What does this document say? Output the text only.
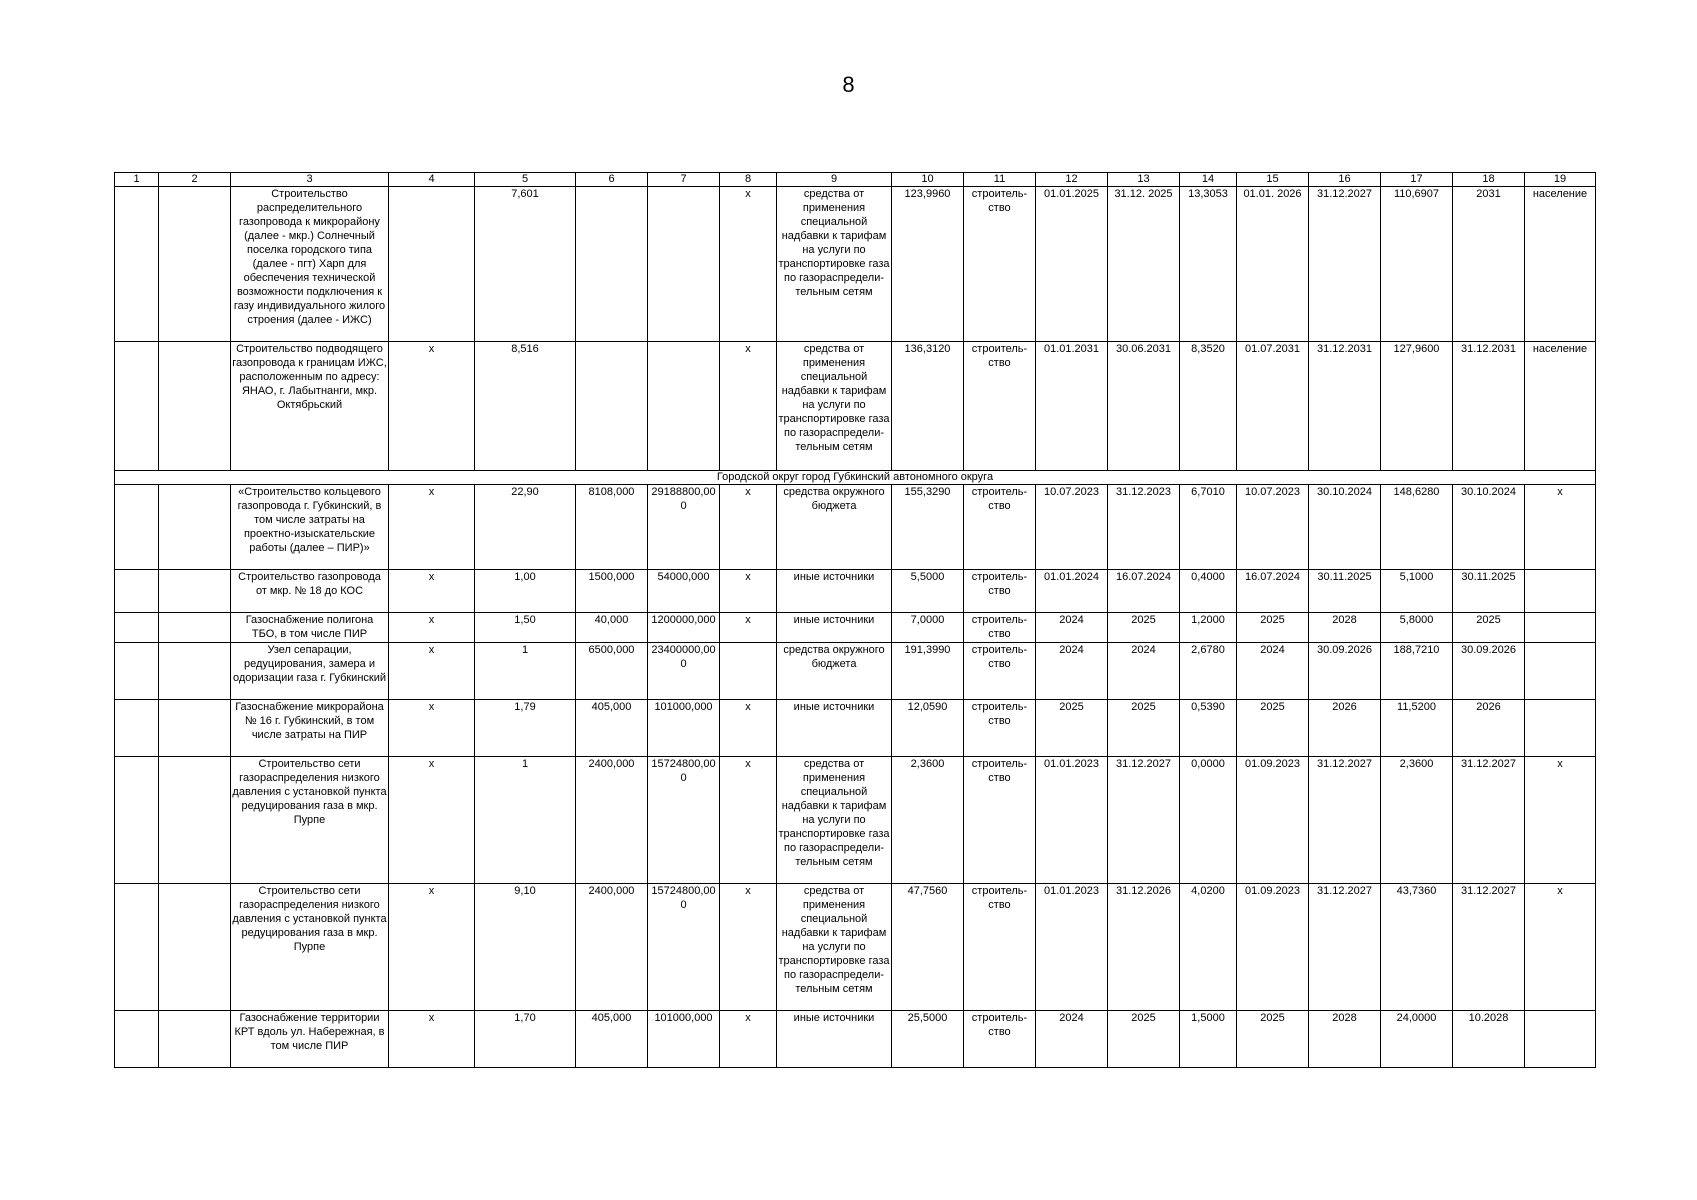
8
1	2	3	4	5	6	7	8	9	10	11	12	13	14	15	16	17	18	19
		Строительство распределительного газопровода к микрорайону (далее - мкр.) Солнечный поселка городского типа (далее - пгт) Харп для обеспечения технической возможности подключения к газу индивидуального жилого строения (далее - ИЖС)		7,601			x	средства от применения специальной надбавки к тарифам на услуги по транспортировке газа по газораспредели-тельным сетям	123,9960	строитель-ство	01.01.2025	31.12. 2025	13,3053	01.01. 2026	31.12.2027	110,6907	2031	население
		Строительство подводящего газопровода к границам ИЖС, расположенным по адресу: ЯНАО, г. Лабытнанги, мкр. Октябрьский	x	8,516			x	средства от применения специальной надбавки к тарифам на услуги по транспортировке газа по газораспредели-тельным сетям	136,3120	строитель-ство	01.01.2031	30.06.2031	8,3520	01.07.2031	31.12.2031	127,9600	31.12.2031	население
Городской округ город Губкинский автономного округа																		
		«Строительство кольцевого газопровода г. Губкинский, в том числе затраты на проектно-изыскательские работы (далее – ПИР)»	x	22,90	8108,000	29188800,000	x	средства окружного бюджета	155,3290	строитель-ство	10.07.2023	31.12.2023	6,7010	10.07.2023	30.10.2024	148,6280	30.10.2024	x
		Строительство газопровода от мкр. № 18 до КОС	x	1,00	1500,000	54000,000	x	иные источники	5,5000	строитель-ство	01.01.2024	16.07.2024	0,4000	16.07.2024	30.11.2025	5,1000	30.11.2025	
		Газоснабжение полигона ТБО, в том числе ПИР	x	1,50	40,000	1200000,000	x	иные источники	7,0000	строитель-ство	2024	2025	1,2000	2025	2028	5,8000	2025	
		Узел сепарации, редуцирования, замера и одоризации газа г. Губкинский	x	1	6500,000	23400000,000		средства окружного бюджета	191,3990	строитель-ство	2024	2024	2,6780	2024	30.09.2026	188,7210	30.09.2026	
		Газоснабжение микрорайона № 16 г. Губкинский, в том числе затраты на ПИР	x	1,79	405,000	101000,000	x	иные источники	12,0590	строитель-ство	2025	2025	0,5390	2025	2026	11,5200	2026	
		Строительство сети газораспределения низкого давления с установкой пункта редуцирования газа в мкр. Пурпе	x	1	2400,000	15724800,000	x	средства от применения специальной надбавки к тарифам на услуги по транспортировке газа по газораспредели-тельным сетям	2,3600	строитель-ство	01.01.2023	31.12.2027	0,0000	01.09.2023	31.12.2027	2,3600	31.12.2027	x
		Строительство сети газораспределения низкого давления с установкой пункта редуцирования газа в мкр. Пурпе	x	9,10	2400,000	15724800,000	x	средства от применения специальной надбавки к тарифам на услуги по транспортировке газа по газораспредели-тельным сетям	47,7560	строитель-ство	01.01.2023	31.12.2026	4,0200	01.09.2023	31.12.2027	43,7360	31.12.2027	x
		Газоснабжение территории КРТ вдоль ул. Набережная, в том числе ПИР	x	1,70	405,000	101000,000	x	иные источники	25,5000	строитель-ство	2024	2025	1,5000	2025	2028	24,0000	10.2028	
